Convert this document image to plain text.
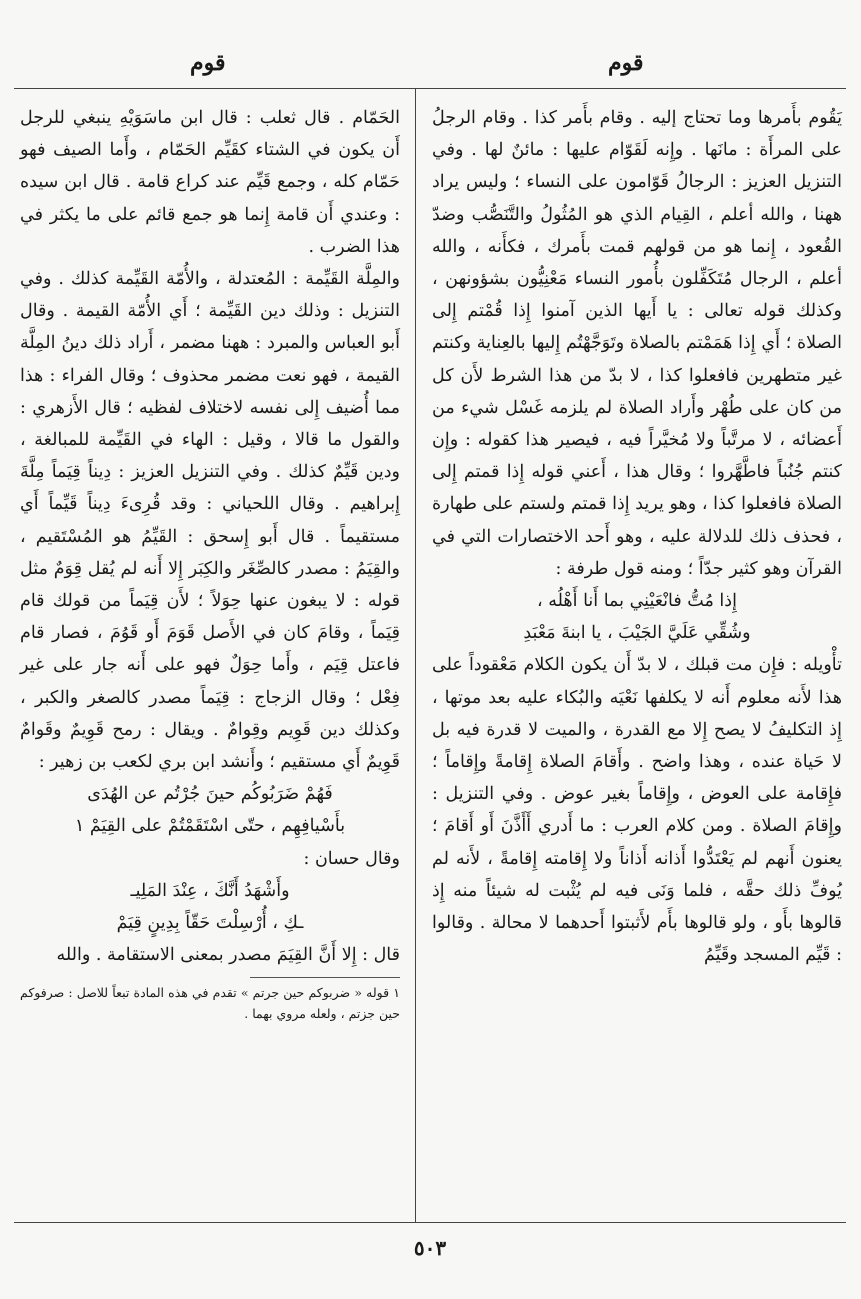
قوم
قوم

يَقُوم بأَمرها وما تحتاج إليه . وقام بأَمر كذا . وقام الرجلُ على المرأَة : مانَها . وإِنه لَقَوّام عليها : مائنٌ لها . وفي التنزيل العزيز : الرجالُ قَوّامون على النساء ؛ وليس يراد ههنا ، والله أعلم ، القِيام الذي هو المُثُولُ والتَّنَصُّب وضدّ القُعود ، إِنما هو من قولهم قمت بأَمرك ، فكأَنه ، والله أعلم ، الرجال مُتَكَفِّلون بأُمور النساء مَعْنِيُّون بشؤونهن ، وكذلك قوله تعالى : يا أَيها الذين آمنوا إِذا قُمْتم إِلى الصلاة ؛ أَي إِذا هَمَمْتم بالصلاة وتَوَجَّهْتُم إِليها بالعِناية وكنتم غير متطهرين فافعلوا كذا ، لا بدّ من هذا الشرط لأَن كل من كان على طُهْر وأَراد الصلاة لم يلزمه غَسْل شيء من أَعضائه ، لا مرتَّباً ولا مُخيَّراً فيه ، فيصير هذا كقوله : وإِن كنتم جُنُباً فاطَّهَّروا ؛ وقال هذا ، أَعني قوله إِذا قمتم إِلى الصلاة فافعلوا كذا ، وهو يريد إِذا قمتم ولستم على طهارة ، فحذف ذلك للدلالة عليه ، وهو أَحد الاختصارات التي في القرآن وهو كثير جدّاً ؛ ومنه قول طرفة :

إِذا مُتُّ فانْعَيْنِي بما أَنا أَهْلُه ،

وشُقِّي عَلَيَّ الجَيْبَ ، يا ابنةَ مَعْبَدِ

تأْويله : فإِن مت قبلك ، لا بدّ أَن يكون الكلام مَعْقوداً على هذا لأَنه معلوم أَنه لا يكلفها نَعْيَه والبُكاء عليه بعد موتها ، إِذ التكليفُ لا يصح إِلا مع القدرة ، والميت لا قدرة فيه بل لا حَياة عنده ، وهذا واضح . وأَقامَ الصلاة إِقامةً وإِقاماً ؛ فإِقامة على العوض ، وإِقاماً بغير عوض . وفي التنزيل : وإِقامَ الصلاة . ومن كلام العرب : ما أَدري أَأَذَّنَ أَو أَقامَ ؛ يعنون أَنهم لم يَعْتَدُّوا أَذانه أَذاناً ولا إِقامته إِقامةً ، لأَنه لم يُوفِّ ذلك حقَّه ، فلما وَنَى فيه لم يُثْبت له شيئاً منه إِذ قالوها بأَو ، ولو قالوها بأَم لأَثبتوا أَحدهما لا محالة . وقالوا : قَيِّم المسجد وقَيِّمُ

الحَمّام . قال ثعلب : قال ابن ماسَوَيْهِ ينبغي للرجل أَن يكون في الشتاء كقَيِّم الحَمّام ، وأَما الصيف فهو حَمّام كله ، وجمع قَيِّم عند كراع قامة . قال ابن سيده : وعندي أَن قامة إِنما هو جمع قائم على ما يكثر في هذا الضرب .

والمِلَّة القَيِّمة : المُعتدلة ، والأُمّة القَيِّمة كذلك . وفي التنزيل : وذلك دين القَيِّمة ؛ أَي الأُمّة القيمة . وقال أَبو العباس والمبرد : ههنا مضمر ، أَراد ذلك دينُ المِلَّة القيمة ، فهو نعت مضمر محذوف ؛ وقال الفراء : هذا مما أُضيف إِلى نفسه لاختلاف لفظيه ؛ قال الأَزهري : والقول ما قالا ، وقيل : الهاء في القَيِّمة للمبالغة ، ودين قَيِّمٌ كذلك . وفي التنزيل العزيز : دِيناً قِيَماً مِلَّةَ إِبراهيم . وقال اللحياني : وقد قُرِىءَ دِيناً قَيِّماً أَي مستقيماً . قال أَبو إِسحق : القَيِّمُ هو المُسْتَقيم ، والقِيَمُ : مصدر كالصِّغَر والكِبَر إِلا أَنه لم يُقل قِوَمٌ مثل قوله : لا يبغون عنها حِوَلاً ؛ لأَن قِيَماً من قولك قام قِيَماً ، وقامَ كان في الأَصل قَوَمَ أَو قَوُمَ ، فصار قام فاعتل قِيَم ، وأَما حِوَلٌ فهو على أَنه جار على غير فِعْل ؛ وقال الزجاج : قِيَماً مصدر كالصغر والكبر ، وكذلك دين قَوِيم وقِوامٌ . ويقال : رمح قَوِيمٌ وقَوامٌ قَوِيمٌ أَي مستقيم ؛ وأَنشد ابن بري لكعب بن زهير :

فَهُمْ ضَرَبُوكُم حينَ جُرْتُم عن الهُدَى

بأَسْيافِهِم ، حتّى اسْتَقَمْتُمْ على القِيَمْ ١

وقال حسان :

وأَشْهَدُ أَنَّكَ ، عِنْدَ المَلِيـ

ـكِ ، أُرْسِلْتَ حَقّاً بِدِينٍ قِيَمْ

قال : إِلا أَنَّ القِيَمَ مصدر بمعنى الاستقامة . والله

١ قوله « ضربوكم حين جرتم » تقدم في هذه المادة تبعاً للاصل : صرفوكم حين جزتم ، ولعله مروي بهما .

٥٠٣
